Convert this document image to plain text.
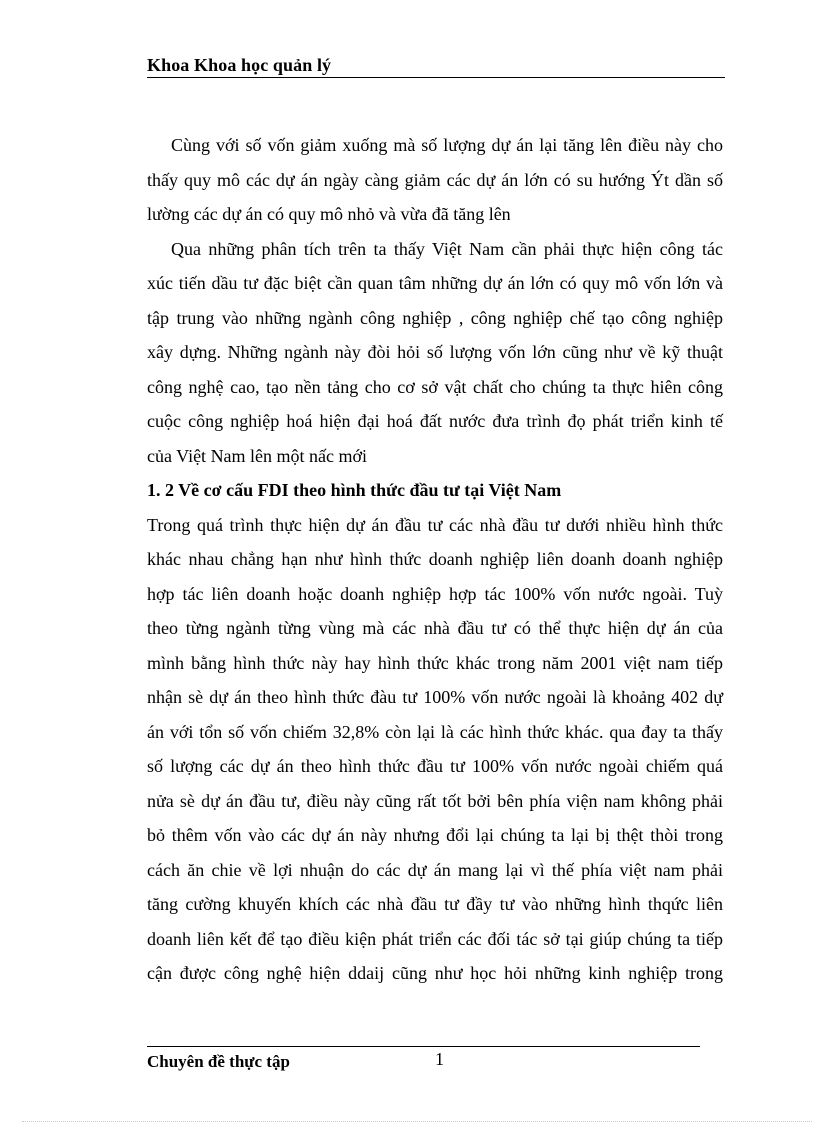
Khoa Khoa học quản lý
Cùng với số vốn giảm xuống mà số lượng dự án lại tăng lên điều này cho
thấy quy mô các dự án ngày càng giảm các dự án lớn có su hướng Ýt dần số
lường các dự án có quy mô nhỏ và vừa đã tăng lên
Qua những phân tích trên ta thấy Việt Nam cần phải thực hiện công tác
xúc tiến dầu tư đặc biệt cần quan tâm những dự án lớn có quy mô vốn lớn và
tập trung vào những ngành công nghiệp , công nghiệp chế tạo công nghiệp
xây dựng. Những ngành này đòi hỏi số lượng vốn lớn cũng như về kỹ thuật
công nghệ cao, tạo nền tảng cho cơ sở vật chất cho chúng ta thực hiên công
cuộc công nghiệp hoá hiện đại hoá đất nước đưa trình đọ phát triển kinh tế
của Việt Nam lên một nấc mới
1. 2 Về cơ cấu FDI theo hình thức đầu tư tại Việt Nam
Trong quá trình thực hiện dự án đầu tư các nhà đầu tư dưới nhiều hình thức
khác nhau chẳng hạn như hình thức doanh nghiệp liên doanh doanh nghiệp
hợp tác liên doanh hoặc doanh nghiệp hợp tác 100% vốn nước ngoài. Tuỳ
theo từng ngành từng vùng mà các nhà đầu tư có thể thực hiện dự án của
mình bằng hình thức này hay hình thức khác trong năm 2001 việt nam tiếp
nhận sè dự án theo hình thức đàu tư 100% vốn nước ngoài là khoảng 402 dự
án với tổn số vốn chiếm 32,8% còn lại là các hình thức khác. qua đay ta thấy
số lượng các dự án theo hình thức đầu tư 100% vốn nước ngoài chiếm quá
nửa sè dự án đầu tư, điều này cũng rất tốt bởi bên phía viện nam không phải
bỏ thêm vốn vào các dự án này nhưng đổi lại chúng ta lại bị thệt thòi trong
cách ăn chie về lợi nhuận do các dự án mang lại vì thế phía việt nam phải
tăng cường khuyến khích các nhà đầu tư đầy tư vào những hình thqức liên
doanh liên kết để tạo điều kiện phát triển các đối tác sở tại giúp chúng ta tiếp
cận được công nghệ hiện ddaij cũng như học hỏi những kinh nghiệp trong
Chuyên đề thực tập	1
